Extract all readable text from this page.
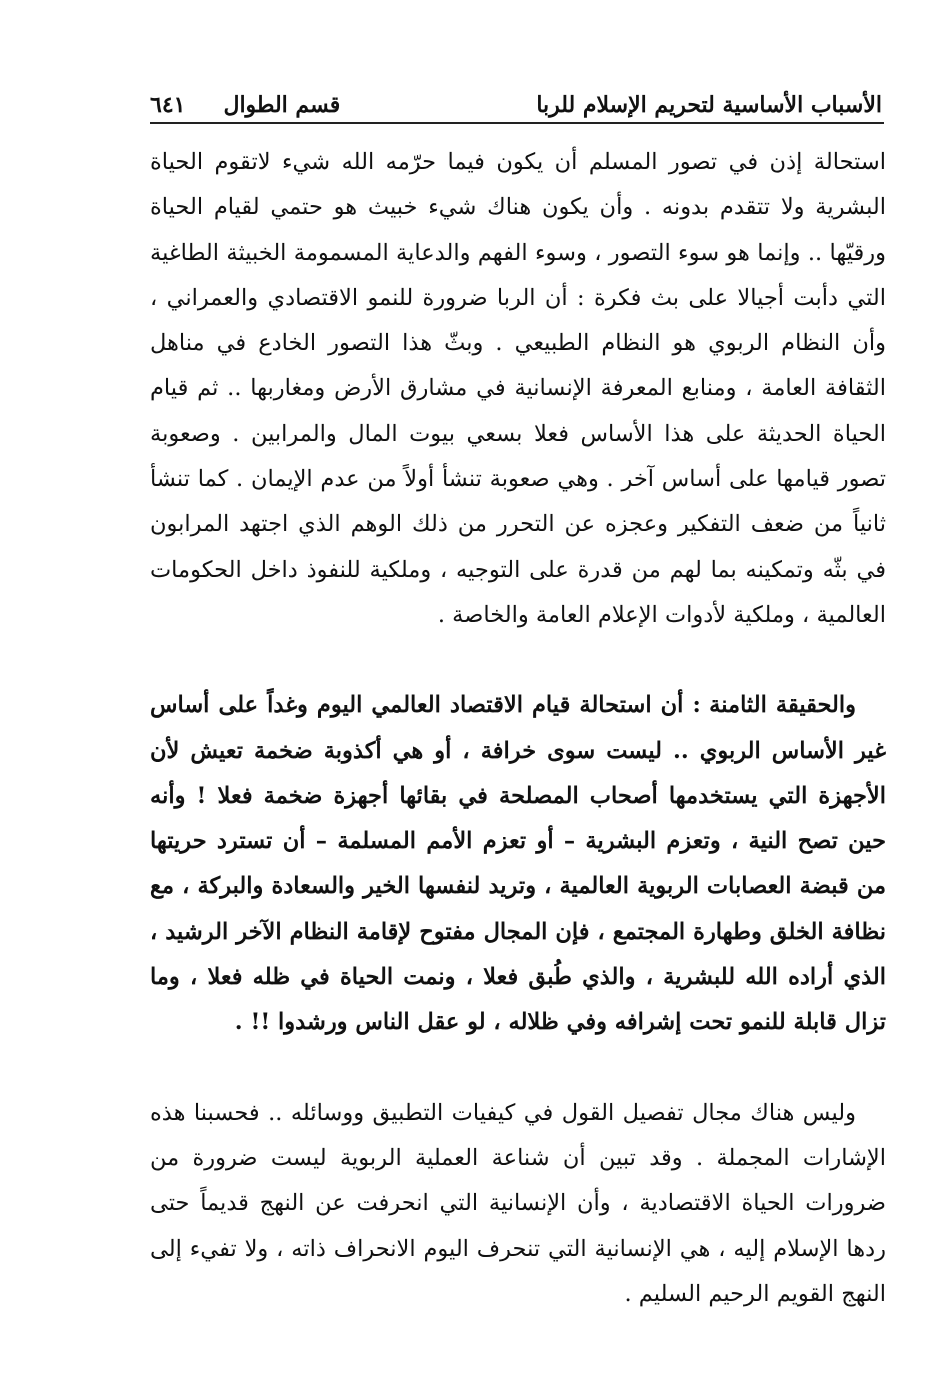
الأسباب الأساسية لتحريم الإسلام للربا
قسم الطوال
٦٤١

استحالة إذن في تصور المسلم أن يكون فيما حرّمه الله شيء لاتقوم الحياة البشرية ولا تتقدم بدونه . وأن يكون هناك شيء خبيث هو حتمي لقيام الحياة ورقيّها .. وإنما هو سوء التصور ، وسوء الفهم والدعاية المسمومة الخبيثة الطاغية التي دأبت أجيالا على بث فكرة : أن الربا ضرورة للنمو الاقتصادي والعمراني ، وأن النظام الربوي هو النظام الطبيعي . وبثّ هذا التصور الخادع في مناهل الثقافة العامة ، ومنابع المعرفة الإنسانية في مشارق الأرض ومغاربها .. ثم قيام الحياة الحديثة على هذا الأساس فعلا بسعي بيوت المال والمرابين . وصعوبة تصور قيامها على أساس آخر . وهي صعوبة تنشأ أولاً من عدم الإيمان . كما تنشأ ثانياً من ضعف التفكير وعجزه عن التحرر من ذلك الوهم الذي اجتهد المرابون في بثّه وتمكينه بما لهم من قدرة على التوجيه ، وملكية للنفوذ داخل الحكومات العالمية ، وملكية لأدوات الإعلام العامة والخاصة .

والحقيقة الثامنة : أن استحالة قيام الاقتصاد العالمي اليوم وغداً على أساس غير الأساس الربوي .. ليست سوى خرافة ، أو هي أكذوبة ضخمة تعيش لأن الأجهزة التي يستخدمها أصحاب المصلحة في بقائها أجهزة ضخمة فعلا ! وأنه حين تصح النية ، وتعزم البشرية – أو تعزم الأمم المسلمة – أن تسترد حريتها من قبضة العصابات الربوية العالمية ، وتريد لنفسها الخير والسعادة والبركة ، مع نظافة الخلق وطهارة المجتمع ، فإن المجال مفتوح لإقامة النظام الآخر الرشيد ، الذي أراده الله للبشرية ، والذي طُبق فعلا ، ونمت الحياة في ظله فعلا ، وما تزال قابلة للنمو تحت إشرافه وفي ظلاله ، لو عقل الناس ورشدوا !! .

وليس هناك مجال تفصيل القول في كيفيات التطبيق ووسائله .. فحسبنا هذه الإشارات المجملة . وقد تبين أن شناعة العملية الربوية ليست ضرورة من ضرورات الحياة الاقتصادية ، وأن الإنسانية التي انحرفت عن النهج قديماً حتى ردها الإسلام إليه ، هي الإنسانية التي تنحرف اليوم الانحراف ذاته ، ولا تفيء إلى النهج القويم الرحيم السليم .
